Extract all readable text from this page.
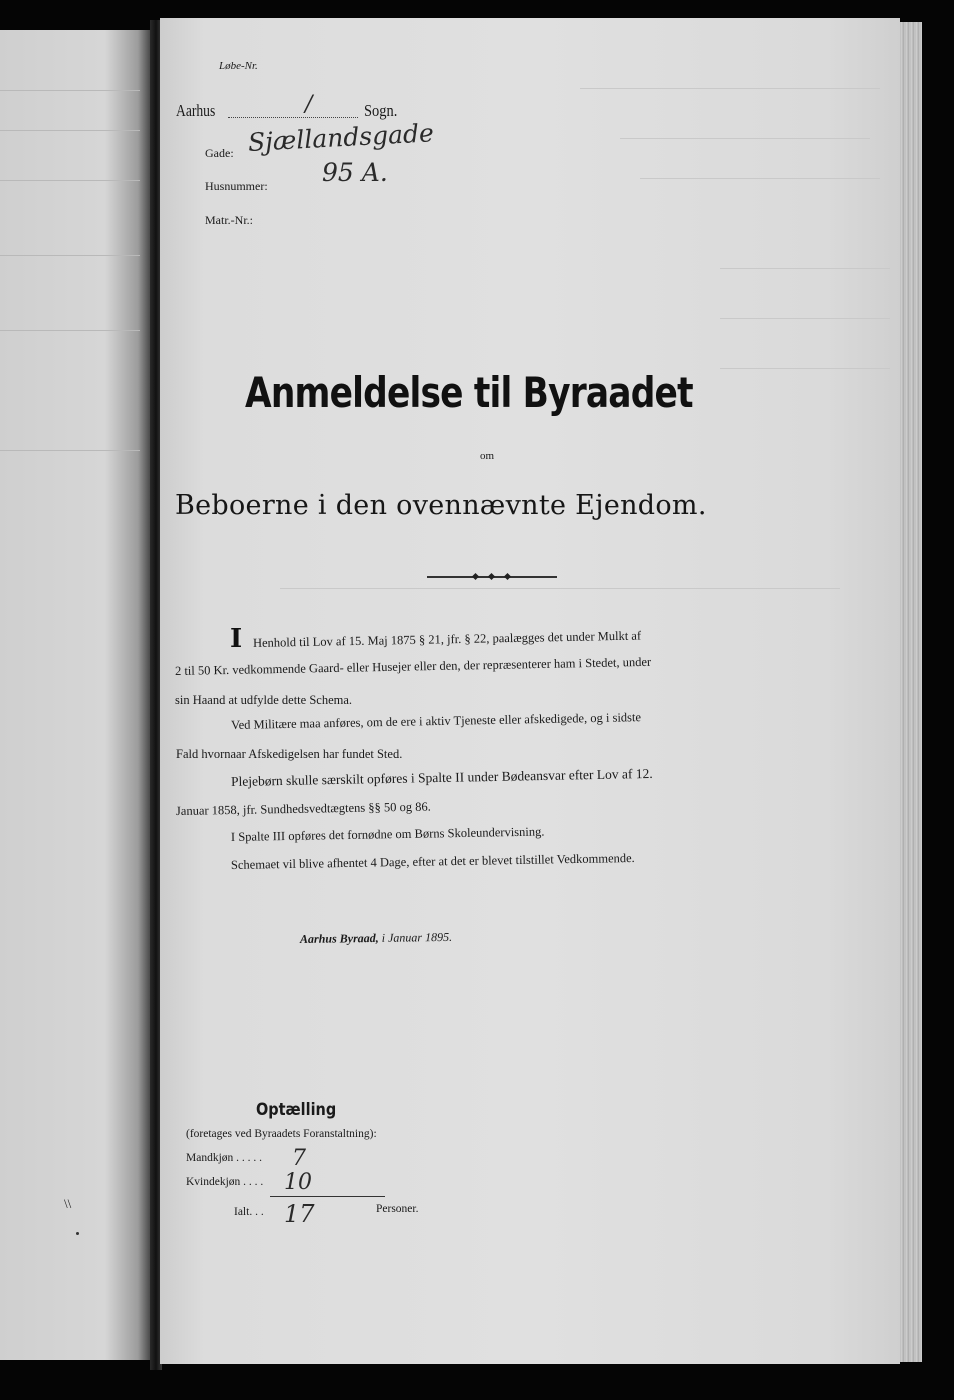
\\
Løbe-Nr.
Aarhus	/	Sogn.
Gade: Sjællandsgade
Husnummer: 95 A.
Matr.-Nr.:
Anmeldelse til Byraadet
om
Beboerne i den ovennævnte Ejendom.
I Henhold til Lov af 15. Maj 1875 § 21, jfr. § 22, paalægges det under Mulkt af
2 til 50 Kr. vedkommende Gaard- eller Husejer eller den, der repræsenterer ham i Stedet, under
sin Haand at udfylde dette Schema.
Ved Militære maa anføres, om de ere i aktiv Tjeneste eller afskedigede, og i sidste
Fald hvornaar Afskedigelsen har fundet Sted.
Plejebørn skulle særskilt opføres i Spalte II under Bødeansvar efter Lov af 12.
Januar 1858, jfr. Sundhedsvedtægtens §§ 50 og 86.
I Spalte III opføres det fornødne om Børns Skoleundervisning.
Schemaet vil blive afhentet 4 Dage, efter at det er blevet tilstillet Vedkommende.
Aarhus Byraad, i Januar 1895.
Optælling
(foretages ved Byraadets Foranstaltning):
Mandkjøn . . . . . 7
Kvindekjøn . . . . 10
Ialt. . . 17	Personer.
